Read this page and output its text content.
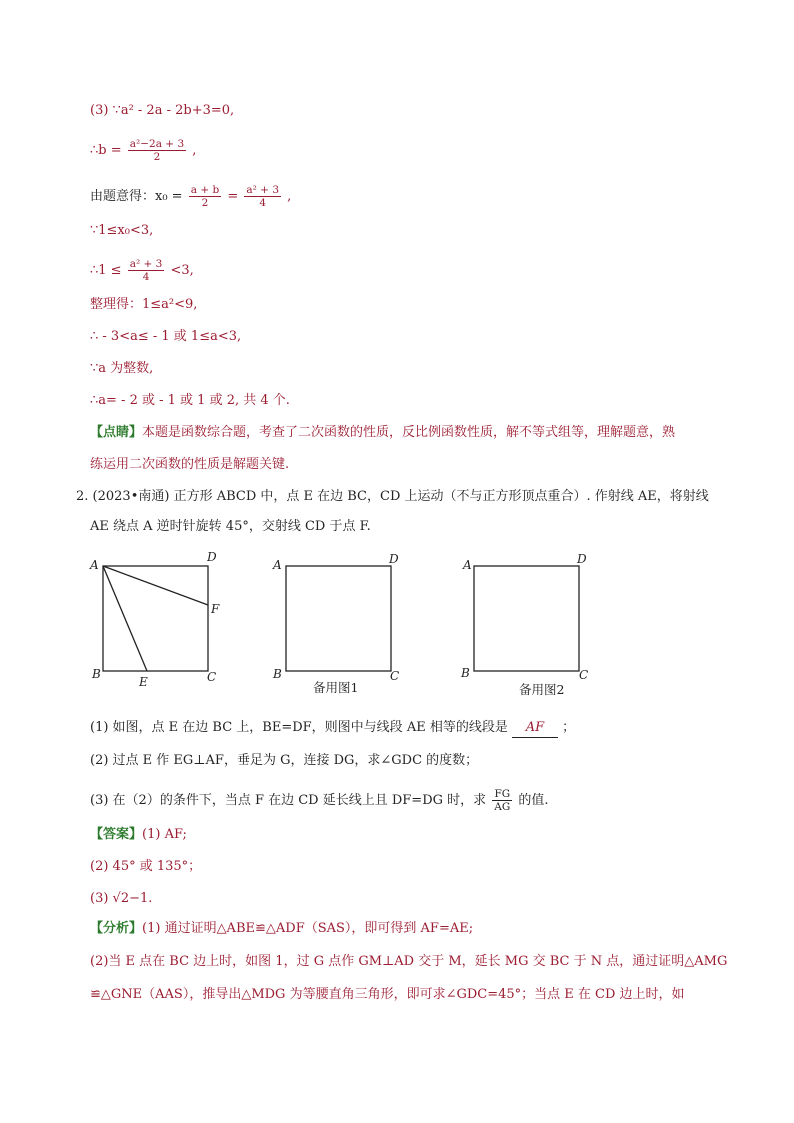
(3) ∵a² - 2a - 2b+3=0,
∴b = $\frac{\text{a²−2a + 3}}{2}$ ,
由题意得：$x_0 = \frac{a + b}{2} = \frac{\text{a² + 3}}{4}$ ,
∵1≤x₀<3,
∴1 ≤ $\frac{\text{a² + 3}}{4} <3$,
整理得：1≤a²<9,
∴ - 3<a≤ - 1 或 1≤a<3,
∵a 为整数,
∴a= - 2 或 - 1 或 1 或 2, 共 4 个.
【点睛】本题是函数综合题，考查了二次函数的性质，反比例函数性质，解不等式组等，理解题意，熟
练运用二次函数的性质是解题关键.
2. (2023•南通) 正方形 ABCD 中，点 E 在边 BC，CD 上运动（不与正方形顶点重合）. 作射线 AE，将射线
AE 绕点 A 逆时针旋转 45°，交射线 CD 于点 F.
A
D
F
B
E	C
A	D
B	C
备用图1
A	D
B	C
备用图2
(1) 如图，点 E 在边 BC 上，BE=DF，则图中与线段 AE 相等的线段是 AF ；
(2) 过点 E 作 EG⊥AF，垂足为 G，连接 DG，求∠GDC 的度数；
(3) 在（2）的条件下，当点 F 在边 CD 延长线上且 DF=DG 时，求 $\frac{FG}{AG}$ 的值.
【答案】(1) AF;
(2) 45° 或 135°；
(3) √2−1.
【分析】(1) 通过证明△ABE≌△ADF（SAS），即可得到 AF=AE;
(2)当 E 点在 BC 边上时，如图 1，过 G 点作 GM⊥AD 交于 M，延长 MG 交 BC 于 N 点，通过证明△AMG
≌△GNE（AAS），推导出△MDG 为等腰直角三角形，即可求∠GDC=45°；当点 E 在 CD 边上时，如
